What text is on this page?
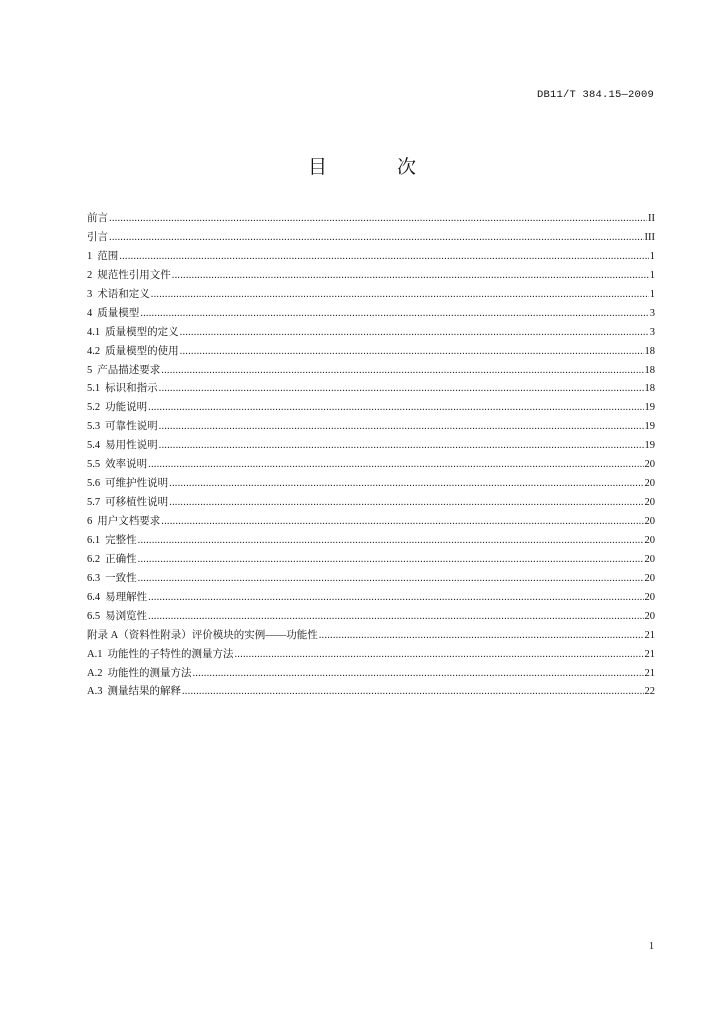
DB11/T 384.15—2009
目 次
前言 .....	II
引言 .....	III
1 范围 .....	1
2 规范性引用文件 .....	1
3 术语和定义 .....	1
4 质量模型 .....	3
4.1 质量模型的定义 .....	3
4.2 质量模型的使用 .....	18
5 产品描述要求 .....	18
5.1 标识和指示 .....	18
5.2 功能说明 .....	19
5.3 可靠性说明 .....	19
5.4 易用性说明 .....	19
5.5 效率说明 .....	20
5.6 可维护性说明 .....	20
5.7 可移植性说明 .....	20
6 用户文档要求 .....	20
6.1 完整性 .....	20
6.2 正确性 .....	20
6.3 一致性 .....	20
6.4 易理解性 .....	20
6.5 易浏览性 .....	20
附录 A（资料性附录）评价模块的实例——功能性 .....	21
A.1 功能性的子特性的测量方法 .....	21
A.2 功能性的测量方法 .....	21
A.3 测量结果的解释 .....	22
1
